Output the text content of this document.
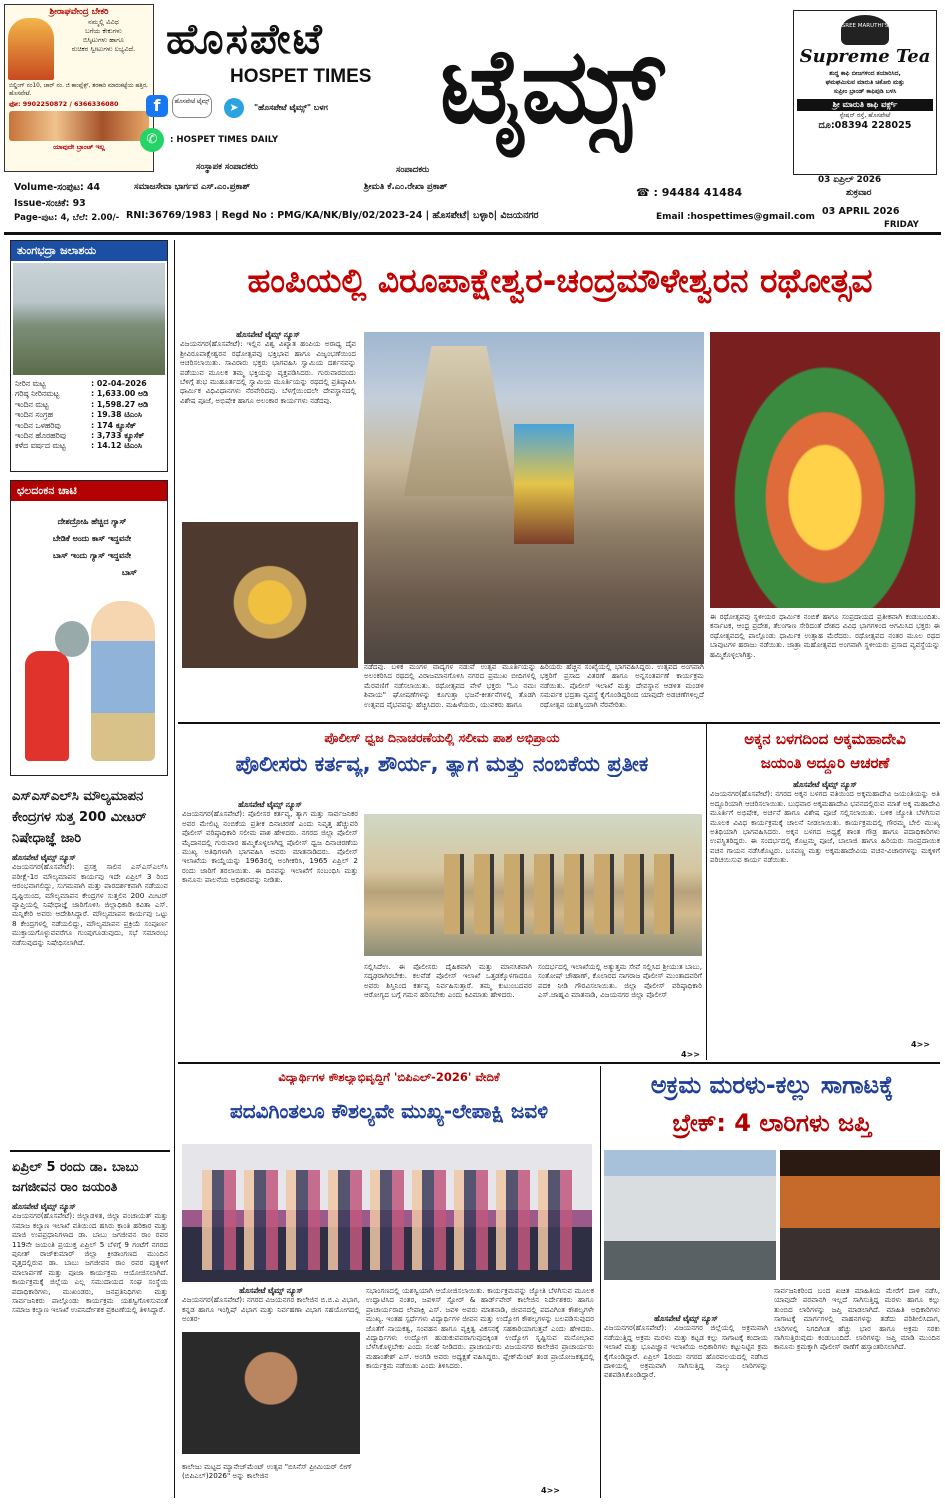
ಶ್ರೀರಾಘವೇಂದ್ರ ಬೇಕರಿ
ನಮ್ಮಲ್ಲಿ ವಿವಿಧ
ಬಗೆಯ ಕೇಕುಗಳು
ಬಿಸ್ಕಿಟುಗಳು ಹಾಗೂ
ರುಚಿಕರ ಸ್ವೀಟುಗಳು ಲಭ್ಯವಿದೆ.
ಬಿಲ್ಡಿಂಗ್ ನಂ10, ಚಾರ್ ನಂ. ಜಿ ಕಾಂಪ್ಲೆಕ್ಸ್, ತರಕಾರಿ ಮಾರುಕಟ್ಟೆಯ ಹತ್ತಿರ, ಹೊಸಪೇಟೆ.
ಫೋ: 9902250872 / 6366336080
ಯಾವುದೇ ಬ್ರಾಂಚ್ ಇಲ್ಲ
ಹೊಸಪೇಟೆ
HOSPET TIMES ಟೈಮ್ಸ್
f	ಹೊಸಪೇಟೆ ಟೈಮ್ಸ್	➤	"ಹೊಸಪೇಟೆ ಟೈಮ್ಸ್" ಬಳಗ
✆	: HOSPET TIMES DAILY
SREE MARUTHI'S
Supreme Tea
ಶುದ್ಧ ಕಾಫಿ ಬೀಜಗಳಿಂದ ತಯಾರಿಸಿದ,
ಘಮಘಮಿಸುವ ಮಾರುತಿ ಚಿಕೋರಿ ಮತ್ತು
ಸುಪ್ರೀಂ ಬ್ರಾಂಡ್ ಕಾಫಿಪುಡಿ ಬಳಸಿ
ಶ್ರೀ ಮಾರುತಿ ಕಾಫಿ ವರ್ಕ್ಸ್
ಸ್ಟೇಷನ್ ರಸ್ತೆ, ಹೊಸಪೇಟೆ
ದೂ:08394 228025
ಸಂಸ್ಥಾಪಕ ಸಂಪಾದಕರು	ಸಂಪಾದಕರು
Volume-ಸಂಪುಟ: 44	ಸಮಾಜಸೇವಾ ಭಾರ್ಗವ ಎಸ್.ಎಂ.ಪ್ರಕಾಶ್	ಶ್ರೀಮತಿ ಕೆ.ಎಂ.ರೇಖಾ ಪ್ರಕಾಶ್	☎ : 94484 41484
03 ಏಪ್ರಿಲ್ 2026
ಶುಕ್ರವಾರ
Issue-ಸಂಚಿಕೆ: 93
03 APRIL 2026
Page-ಪುಟ: 4, ಬೆಲೆ: 2.00/- RNI:36769/1983 | Regd No : PMG/KA/NK/Bly/02/2023-24 | ಹೊಸಪೇಟೆ| ಬಳ್ಳಾರಿ| ವಿಜಯನಗರ	Email :hospettimes@gmail.com
FRIDAY
ತುಂಗಭದ್ರಾ ಜಲಾಶಯ
ನೀರಿನ ಮಟ್ಟ	: 02-04-2026
ಗರಿಷ್ಠ ನೀರಿನಮಟ್ಟ	: 1,633.00 ಅಡಿ
ಇಂದಿನ ಮಟ್ಟ	: 1,598.27 ಅಡಿ
ಇಂದಿನ ಸಂಗ್ರಹ	: 19.38 ಟಿಎಂಸಿ
ಇಂದಿನ ಒಳಹರಿವು	: 174 ಕ್ಯೂಸೆಕ್
ಇಂದಿನ ಹೊರಹರಿವು	: 3,733 ಕ್ಯೂಸೆಕ್
ಕಳೆದ ವರ್ಷದ ಮಟ್ಟ	: 14.12 ಟಿಎಂಸಿ
ಛಲದಂಕನ ಚಾಟಿ
ದೇಶದ್ರೋಹಿ ಹೆಚ್ಚಿದ ಗ್ಯಾಸ್
ಬೇಡಿಕೆ ಅಂದು ಕಾಸ್ ಇದ್ದವನೇ
ಬಾಸ್ ಇಂದು ಗ್ಯಾಸ್ ಇದ್ದವನೇ
ಬಾಸ್
ಎಸ್ಎಸ್ಎಲ್‌ಸಿ ಮೌಲ್ಯಮಾಪನ ಕೇಂದ್ರಗಳ ಸುತ್ತ 200 ಮೀಟರ್ ನಿಷೇಧಾಜ್ಞೆ ಜಾರಿ
ಹೊಸಪೇಟೆ ಟೈಮ್ಸ್ ನ್ಯೂಸ್
ವಿಜಯನಗರ(ಹೊಸಪೇಟೆ): ಪ್ರಸಕ್ತ ಸಾಲಿನ ಎಸ್ಎಸ್ಎಲ್‌ಸಿ ಪರೀಕ್ಷೆ-1ರ ಮೌಲ್ಯಮಾಪನ ಕಾರ್ಯವು ಇದೇ ಏಪ್ರಿಲ್ 3 ರಿಂದ ಆರಂಭವಾಗಲಿದ್ದು, ಸುಗಮವಾಗಿ ಮತ್ತು ಪಾರದರ್ಶಕವಾಗಿ ನಡೆಯುವ ದೃಷ್ಟಿಯಿಂದ, ಮೌಲ್ಯಮಾಪನ ಕೇಂದ್ರಗಳ ಸುತ್ತಲಿನ 200 ಮೀಟರ್ ವ್ಯಾಪ್ತಿಯಲ್ಲಿ ನಿಷೇಧಾಜ್ಞೆ ಜಾರಿಗೊಳಿಸಿ ಜಿಲ್ಲಾಧಿಕಾರಿ ಕವಿತಾ ಎಸ್. ಮನ್ನಿಕೇರಿ ಅವರು ಆದೇಶಿಸಿದ್ದಾರೆ. ಮೌಲ್ಯಮಾಪನ ಕಾರ್ಯವು ಒಟ್ಟು 8 ಕೇಂದ್ರಗಳಲ್ಲಿ ನಡೆಯಲಿದ್ದು, ಮೌಲ್ಯಮಾಪನ ಪ್ರಕ್ರಿಯೆ ಸಂಪೂರ್ಣ ಮುಕ್ತಾಯಗೊಳ್ಳುವವರೆಗೂ ಗುಂಪುಗೂಡುವುದು, ಸಭೆ ಸಮಾರಂಭ ನಡೆಸುವುದನ್ನು ನಿಷೇಧಿಸಲಾಗಿದೆ.
ಏಪ್ರಿಲ್ 5 ರಂದು ಡಾ. ಬಾಬು ಜಗಜೀವನ ರಾಂ ಜಯಂತಿ
ಹೊಸಪೇಟೆ ಟೈಮ್ಸ್ ನ್ಯೂಸ್
ವಿಜಯನಗರ(ಹೊಸಪೇಟೆ): ಜಿಲ್ಲಾಡಳಿತ, ಜಿಲ್ಲಾ ಪಂಚಾಯತ್ ಮತ್ತು ಸಮಾಜ ಕಲ್ಯಾಣ ಇಲಾಖೆ ವತಿಯಿಂದ ಹಸಿರು ಕ್ರಾಂತಿ ಹರಿಕಾರ ಮತ್ತು ಮಾಜಿ ಉಪಪ್ರಧಾನಿಗಳಾದ ಡಾ. ಬಾಬು ಜಗಜೀವನ ರಾಂ ರವರ 119ನೇ ಜಯಂತಿ ಪ್ರಯುಕ್ತ ಏಪ್ರಿಲ್ 5 ಬೆಳಗ್ಗೆ 9 ಗಂಟೆಗೆ ನಗರದ ಪುನೀತ್ ರಾಜ್‌ಕುಮಾರ್ ಜಿಲ್ಲಾ ಕ್ರೀಡಾಂಗಣದ ಮುಂದಿನ ವೃತ್ತದಲ್ಲಿರುವ ಡಾ. ಬಾಬು ಜಗಜೀವನ ರಾಂ ರವರ ಪುತ್ಥಳಿಗೆ ಮಾಲಾರ್ಪಣೆ ಮತ್ತು ಪೂಜಾ ಕಾರ್ಯಕ್ರಮ ಆಯೋಜಿಸಲಾಗಿದೆ. ಕಾರ್ಯಕ್ರಮಕ್ಕೆ ಜಿಲ್ಲೆಯ ಎಲ್ಲ ಸಮುದಾಯದ ಸಂಘ ಸಂಸ್ಥೆಯ ಪದಾಧಿಕಾರಿಗಳು, ಮುಖಂಡರು, ಜನಪ್ರತಿನಿಧಿಗಳು ಮತ್ತು ಸಾರ್ವಜನಿಕರು ಪಾಲ್ಗೊಂಡು ಕಾರ್ಯಕ್ರಮ ಯಶಸ್ವಿಗೊಳಿಸುವಂತೆ ಸಮಾಜ ಕಲ್ಯಾಣ ಇಲಾಖೆ ಉಪನಿರ್ದೇಶಕ ಪ್ರಕಟಣೆಯಲ್ಲಿ ತಿಳಿಸಿದ್ದಾರೆ.
ಹಂಪಿಯಲ್ಲಿ ವಿರೂಪಾಕ್ಷೇಶ್ವರ-ಚಂದ್ರಮೌಳೇಶ್ವರನ ರಥೋತ್ಸವ
ಹೊಸಪೇಟೆ ಟೈಮ್ಸ್ ನ್ಯೂಸ್
ವಿಜಯನಗರ(ಹೊಸಪೇಟೆ): ಇಲ್ಲಿನ ವಿಶ್ವ ವಿಖ್ಯಾತ ಹಂಪಿಯ ಅರಾಧ್ಯ ದೈವ ಶ್ರೀವಿರೂಪಾಕ್ಷೇಶ್ವರನ ರಥೋತ್ಸವವು ಭಕ್ತಿಭಾವ ಹಾಗೂ ವಿಜೃಂಭಣೆಯಿಂದ ಆಚರಿಸಲಾಯಿತು. ಸಾವಿರಾರು ಭಕ್ತರು ಭಾಗವಹಿಸಿ ಸ್ವಾಮಿಯ ದರ್ಶನವನ್ನು ಪಡೆಯುವ ಮೂಲಕ ತಮ್ಮ ಭಕ್ತಿಯನ್ನು ವ್ಯಕ್ತಪಡಿಸಿದರು. ಗುರುವಾರದಂದು ಬೆಳಿಗ್ಗೆ ಶುಭ ಮುಹೂರ್ತದಲ್ಲಿ ಸ್ವಾಮಿಯ ಮೂರ್ತಿಯನ್ನು ರಥದಲ್ಲಿ ಪ್ರತಿಷ್ಠಾಪಿಸಿ ಧಾರ್ಮಿಕ ವಿಧಿವಿಧಾನಗಳು ನೆರವೇರಿದವು. ಬೆಳಗ್ಗೆಯಿಂದಲೇ ದೇವಸ್ಥಾನದಲ್ಲಿ ವಿಶೇಷ ಪೂಜೆ, ಅಭಿಷೇಕ ಹಾಗೂ ಅಲಂಕಾರ ಕಾರ್ಯಗಳು ನಡೆದವು.
ನಡೆದವು. ಬಳಿಕ ಮಂಗಳ ವಾದ್ಯಗಳ ನಡುವೆ ಉತ್ಸವ ಮೂರ್ತಿಯನ್ನು ಅಲಂಕರಿಸಿದ ರಥದಲ್ಲಿ ವಿರಾಜಮಾನಗೊಳಿಸಿ ನಗರದ ಪ್ರಮುಖ ಬೀದಿಗಳಲ್ಲಿ ಮೆರವಣಿಗೆ ನಡೆಸಲಾಯಿತು. ರಥೋತ್ಸವದ ವೇಳೆ ಭಕ್ತರು "ಓಂ ನಮಃ ಶಿವಾಯ" ಘೋಷಣೆಗಳನ್ನು ಕೂಗುತ್ತಾ ಭಜನೆ-ಕೀರ್ತನೆಗಳಲ್ಲಿ ತೊಡಗಿ ಉತ್ಸವದ ವೈಭವವನ್ನು ಹೆಚ್ಚಿಸಿದರು. ಮಹಿಳೆಯರು, ಯುವಕರು ಹಾಗೂ
ಹಿರಿಯರು ಹೆಚ್ಚಿನ ಸಂಖ್ಯೆಯಲ್ಲಿ ಭಾಗವಹಿಸಿದ್ದರು. ಉತ್ಸವದ ಅಂಗವಾಗಿ ಭಕ್ತರಿಗೆ ಪ್ರಸಾದ ವಿತರಣೆ ಹಾಗೂ ಅನ್ನಸಂತರ್ಪಣೆ ಕಾರ್ಯಕ್ರಮ ನಡೆಯಿತು. ಪೊಲೀಸ್ ಇಲಾಖೆ ಮತ್ತು ದೇವಸ್ಥಾನ ಆಡಳಿತ ಮಂಡಳಿ ಸಮರ್ಪಕ ಭದ್ರತಾ ವ್ಯವಸ್ಥೆ ಕೈಗೊಂಡಿದ್ದರಿಂದ ಯಾವುದೇ ಅಡಚಣೆಗಳಿಲ್ಲದೆ ರಥೋತ್ಸವ ಯಶಸ್ವಿಯಾಗಿ ನೆರವೇರಿತು.
ಈ ರಥೋತ್ಸವವು ಸ್ಥಳೀಯರ ಧಾರ್ಮಿಕ ನಂಬಿಕೆ ಹಾಗೂ ಸಂಪ್ರದಾಯದ ಪ್ರತೀಕವಾಗಿ ಕಂಡುಬಂದಿತು. ಕರ್ನಾಟಕ, ಆಂಧ್ರ ಪ್ರದೇಶ, ತೆಲಂಗಾಣ ಸೇರಿದಂತೆ ದೇಶದ ವಿವಿಧ ಭಾಗಗಳಿಂದ ಆಗಮಿಸಿದ ಭಕ್ತರು ಈ ರಥೋತ್ಸವದಲ್ಲಿ ಪಾಲ್ಗೊಂಡು ಧಾರ್ಮಿಕ ಉತ್ಸಾಹ ಮೆರೆದರು. ರಥೋತ್ಸವದ ನಂತರ ಮೂಲ ರಥದ ಬಾವುಟಗಳ ಹರಾಜು ನಡೆಯಿತು. ಜಾತ್ರಾ ಮಹೋತ್ಸವದ ಅಂಗವಾಗಿ ಸ್ಥಳೀಯರು ಪ್ರಸಾದ ವ್ಯವಸ್ಥೆಯನ್ನು ಹಮ್ಮಿಕೊಳ್ಳಲಾಗಿತ್ತು.
ಪೊಲೀಸ್ ಧ್ವಜ ದಿನಾಚರಣೆಯಲ್ಲಿ ಸಲೀಮ ಪಾಶ ಅಭಿಪ್ರಾಯ
ಪೊಲೀಸರು ಕರ್ತವ್ಯ, ಶೌರ್ಯ, ತ್ಯಾಗ ಮತ್ತು ನಂಬಿಕೆಯ ಪ್ರತೀಕ
ಹೊಸಪೇಟೆ ಟೈಮ್ಸ್ ನ್ಯೂಸ್
ವಿಜಯನಗರ(ಹೊಸಪೇಟೆ): ಪೊಲೀಸರ ಕರ್ತವ್ಯ, ತ್ಯಾಗ ಮತ್ತು ಸಾರ್ವಜನಿಕರ ಅವರ ಮೇಲಿಟ್ಟ ನಂಬಿಕೆಯ ಪ್ರತೀಕ ದಿನಾಚರಣೆ ಎಂದು ನಿವೃತ್ತ ಹೆಚ್ಚುವರಿ ಪೊಲೀಸ್ ವರಿಷ್ಠಾಧಿಕಾರಿ ಸಲೀಮ ಪಾಶ ಹೇಳಿದರು. ನಗರದ ಜಿಲ್ಲಾ ಪೊಲೀಸ್ ಮೈದಾನದಲ್ಲಿ ಗುರುವಾರ ಹಮ್ಮಿಕೊಳ್ಳಲಾಗಿದ್ದ ಪೊಲೀಸ್ ಧ್ವಜ ದಿನಾಚರಣೆಯ ಮುಖ್ಯ ಅತಿಥಿಗಳಾಗಿ ಭಾಗವಹಿಸಿ ಅವರು ಮಾತನಾಡಿದರು. ಪೊಲೀಸ್ ಇಲಾಖೆಯ ಕಾಯ್ದೆಯನ್ನು 1963ರಲ್ಲಿ ಅಂಗೀಕರಿಸಿ, 1965 ಏಪ್ರಿಲ್ 2 ರಂದು ಜಾರಿಗೆ ತರಲಾಯಿತು. ಈ ದಿನವನ್ನು ಇಲಾಖೆಗೆ ಸಂಬಂಧಿಸಿ ಮತ್ತು ಕಾನೂನು ಪಾಲನೆಯ ಅಧಿಕಾರವನ್ನು ನೀಡಿತು.
ಸಲ್ಲಿಸಿದೆಉ. ಈ ಪೊಲೀಸರು ದೈಹಿಕವಾಗಿ ಮತ್ತು ಮಾನಸಿಕವಾಗಿ ಸದೃಢರಾಗಿರಬೇಕು. ಕಲವೆಡೆ ಪೊಲೀಸ್ ಇಲಾಖೆ ಒತ್ತಡಕ್ಕೊಳಗಾದರೂ ಅವರು ಶಿಸ್ತಿನಿಂದ ಕರ್ತವ್ಯ ನಿರ್ವಹಿಸುತ್ತಾರೆ. ತಮ್ಮ ಕುಟುಂಬದವರ ಆರೋಗ್ಯದ ಬಗ್ಗೆ ಗಮನ ಹರಿಸಬೇಕು ಎಂದು ಕಿವಿಮಾತು ಹೇಳಿದರು.
ಸಂದರ್ಭದಲ್ಲಿ ಇಲಾಖೆಯಲ್ಲಿ ಅತ್ಯುತ್ತಮ ಸೇವೆ ಸಲ್ಲಿಸಿದ ಶ್ರೀಯುತ ಬಾಬು, ಸಂತೋಷ್ ಚೌಹಾಣ್, ಕೊಲಾರದ ನಾಗರಾಜ ಪೊಲೀಸ್ ಮುಂತಾದವರಿಗೆ ಪದಕ ನೀಡಿ ಗೌರವಿಸಲಾಯಿತು. ಜಿಲ್ಲಾ ಪೊಲೀಸ್ ವರಿಷ್ಠಾಧಿಕಾರಿ ಎಸ್.ಜಾಹ್ನವಿ ಮಾತನಾಡಿ, ವಿಜಯನಗರ ಜಿಲ್ಲಾ ಪೊಲೀಸ್
4>>
ಅಕ್ಕನ ಬಳಗದಿಂದ ಅಕ್ಕಮಹಾದೇವಿ
ಜಯಂತಿ ಅದ್ದೂರಿ ಆಚರಣೆ
ಹೊಸಪೇಟೆ ಟೈಮ್ಸ್ ನ್ಯೂಸ್
ವಿಜಯನಗರ(ಹೊಸಪೇಟೆ): ನಗರದ ಅಕ್ಕನ ಬಳಗದ ವತಿಯಿಂದ ಅಕ್ಕಮಹಾದೇವಿ ಜಯಂತಿಯನ್ನು ಅತಿ ಅದ್ದೂರಿಯಾಗಿ ಆಚರಿಸಲಾಯಿತು. ಬುಧವಾರ ಅಕ್ಕಮಹಾದೇವಿ ಭವನದಲ್ಲಿರುವ ಮಾತೆ ಅಕ್ಕ ಮಹಾದೇವಿ ಮೂರ್ತಿಗೆ ಅಭಿಷೇಕ, ಅರ್ಚನೆ ಹಾಗೂ ವಿಶೇಷ ಪೂಜೆ ಸಲ್ಲಿಸಲಾಯಿತು. ಬಳಿಕ ಜ್ಯೋತಿ ಬೆಳಗಿಸುವ ಮೂಲಕ ವಿವಿಧ ಕಾರ್ಯಕ್ರಮಕ್ಕೆ ಚಾಲನೆ ನೀಡಲಾಯಿತು. ಕಾರ್ಯಕ್ರಮದಲ್ಲಿ ಗೌರಮ್ಮ ಬೇಲಿ ಮುಖ್ಯ ಅತಿಥಿಯಾಗಿ ಭಾಗವಹಿಸಿದರು. ಅಕ್ಕನ ಬಳಗದ ಅಧ್ಯಕ್ಷೆ ಶಾಂತ ಗೌಡ್ರ ಹಾಗೂ ಪದಾಧಿಕಾರಿಗಳು ಉಪಸ್ಥಿತರಿದ್ದರು. ಈ ಸಂದರ್ಭದಲ್ಲಿ ಕೊಟ್ರಮ್ಮ ಪೂಜೆ, ಬಾಲಾಜಿ ಹಾಗೂ ಹಿರಿಯರು ಸಾಂಪ್ರದಾಯಿಕ ವಚನ ಗಾಯನ ನಡೆಸಿಕೊಟ್ಟರು. ಬಸವಣ್ಣ ಮತ್ತು ಅಕ್ಕಮಹಾದೇವಿಯ ವಚನ-ವಿಚಾರಗಳನ್ನು ಮಕ್ಕಳಿಗೆ ಪರಿಚಯಿಸುವ ಕಾರ್ಯ ನಡೆಯಿತು.
4>>
ವಿದ್ಯಾರ್ಥಿಗಳ ಕೌಶಲ್ಯಾಭಿವೃದ್ಧಿಗೆ 'ಬಿಪಿಎಲ್-2026' ವೇದಿಕೆ
ಪದವಿಗಿಂತಲೂ ಕೌಶಲ್ಯವೇ ಮುಖ್ಯ-ಲೇಪಾಕ್ಷಿ ಜವಳಿ
ಹೊಸಪೇಟೆ ಟೈಮ್ಸ್ ನ್ಯೂಸ್
ವಿಜಯನಗರ(ಹೊಸಪೇಟೆ): ನಗರದ ವಿಜಯನಗರ ಕಾಲೇಜಿನ ಬಿ.ಬಿ.ಎ ವಿಭಾಗ, ಕನ್ನಡ ಹಾಗೂ ಇಂಗ್ಲಿಷ್ ವಿಭಾಗ ಮತ್ತು ನಿರ್ವಹಣಾ ವಿಭಾಗ ಸಹಯೋಗದಲ್ಲಿ ಅಂತರ-
ಕಾಲೇಜು ಮಟ್ಟದ ಮ್ಯಾನೇಜ್‌ಮೆಂಟ್ ಉತ್ಸವ "ಬಿಸಿನೆಸ್ ಪ್ರೀಮಿಯರ್ ಲೀಗ್ (ಬಿಪಿಎಲ್)2026" ಅನ್ನು ಕಾಲೇಜಿನ
ಸಭಾಂಗಣದಲ್ಲಿ ಯಶಸ್ವಿಯಾಗಿ ಆಯೋಜಿಸಲಾಯಿತು. ಕಾರ್ಯಕ್ರಮವನ್ನು ಜ್ಯೋತಿ ಬೆಳಗಿಸುವ ಮೂಲಕ ಉದ್ಘಾಟಿಸಿದ ನಂತರ, ಜವಳಿಸ್ ಸ್ಟೋರ್ & ಹಾರ್ಡ್‌ವೇರ್ ಕಾಲೇಜಿನ ನಿರ್ದೇಶಕರು ಹಾಗೂ ಪ್ರಾಚಾರ್ಯರಾದ ಲೇಪಾಕ್ಷಿ ಎಸ್. ಜವಳಿ ಅವರು ಮಾತನಾಡಿ, ಜೀವನದಲ್ಲಿ ಪದವಿಗಿಂತ ಕೌಶಲ್ಯಗಳೇ ಮುಖ್ಯ. ಇಂತಹ ಸ್ಪರ್ಧೆಗಳು ವಿದ್ಯಾರ್ಥಿಗಳ ಜೀವನ ಮತ್ತು ಉದ್ಯೋಗ ಕೌಶಲ್ಯಗಳನ್ನು ಬಲಪಡಿಸುವುದರ ಜೊತೆಗೆ ನಾಯಕತ್ವ, ಸಂವಹನ ಹಾಗೂ ವ್ಯಕ್ತಿತ್ವ ವಿಕಸನಕ್ಕೆ ಸಹಕಾರಿಯಾಗುತ್ತವೆ ಎಂದು ಹೇಳಿದರು. ವಿದ್ಯಾರ್ಥಿಗಳು ಉದ್ಯೋಗ ಹುಡುಕುವವರಾಗುವುದಕ್ಕಿಂತ ಉದ್ಯೋಗ ಸೃಷ್ಟಿಸುವ ಮನೋಭಾವ ಬೆಳೆಸಿಕೊಳ್ಳಬೇಕು ಎಂದು ಸಲಹೆ ನೀಡಿದರು. ಪ್ರಾಚಾರ್ಯರು ವಿಜಯನಗರ ಕಾಲೇಜಿನ ಪ್ರಾಚಾರ್ಯರು ಮಹಾಂತೇಶ್ ಎಸ್. ಅಂಗಡಿ ಅವರು ಅಧ್ಯಕ್ಷತೆ ವಹಿಸಿದ್ದರು. ಫ್ಲೇಕ್‌ಮೆಂಟ್ ತಂಡ ಪ್ರಾಯೋಜಕತ್ವದಲ್ಲಿ ಕಾರ್ಯಕ್ರಮ ನಡೆಯಿತು ಎಂದು ತಿಳಿಸಿದರು.
4>>
ಅಕ್ರಮ ಮರಳು-ಕಲ್ಲು ಸಾಗಾಟಕ್ಕೆ
ಬ್ರೇಕ್: 4 ಲಾರಿಗಳು ಜಪ್ತಿ
ಹೊಸಪೇಟೆ ಟೈಮ್ಸ್ ನ್ಯೂಸ್
ವಿಜಯನಗರ(ಹೊಸಪೇಟೆ): ವಿಜಯನಗರ ಜಿಲ್ಲೆಯಲ್ಲಿ ಅಕ್ರಮವಾಗಿ ನಡೆಯುತ್ತಿದ್ದ ಅಕ್ರಮ ಮರಳು ಮತ್ತು ಕಟ್ಟಡ ಕಲ್ಲು ಸಾಗಾಟಕ್ಕೆ ಕಂದಾಯ ಇಲಾಖೆ ಮತ್ತು ಭೂವಿಜ್ಞಾನ ಇಲಾಖೆಯ ಅಧಿಕಾರಿಗಳು ಕಟ್ಟುನಿಟ್ಟಿನ ಕ್ರಮ ಕೈಗೊಂಡಿದ್ದಾರೆ. ಏಪ್ರಿಲ್ 1ರಂದು ನಗರದ ಹೊರವಲಯದಲ್ಲಿ ನಡೆಸಿದ ದಾಳಿಯಲ್ಲಿ ಅಕ್ರಮವಾಗಿ ಸಾಗಿಸುತ್ತಿದ್ದ ನಾಲ್ಕು ಲಾರಿಗಳನ್ನು ವಶಪಡಿಸಿಕೊಂಡಿದ್ದಾರೆ.
ಸಾರ್ವಜನಿಕರಿಂದ ಬಂದ ಖಚಿತ ಮಾಹಿತಿಯ ಮೇರೆಗೆ ದಾಳಿ ನಡೆಸಿ, ಯಾವುದೇ ಪರವಾನಗಿ ಇಲ್ಲದೆ ಸಾಗಿಸುತ್ತಿದ್ದ ಮರಳು ಹಾಗೂ ಕಲ್ಲು ತುಂಬಿದ ಲಾರಿಗಳನ್ನು ಜಪ್ತಿ ಮಾಡಲಾಗಿದೆ. ಮಾಹಿತಿ ಅಧಿಕಾರಿಗಳು ಸಾಗಾಟಕ್ಕೆ ಮಾರ್ಗಗಳಲ್ಲಿ ವಾಹನಗಳನ್ನು ತಡೆದು ಪರಿಶೀಲಿಸಿದಾಗ, ಲಾರಿಗಳಲ್ಲಿ ನಿಗದಿಗಿಂತ ಹೆಚ್ಚು ಭಾರ ಹಾಗೂ ಅಕ್ರಮ ಸರಕು ಸಾಗಿಸುತ್ತಿರುವುದು ಕಂಡುಬಂದಿದೆ. ಲಾರಿಗಳನ್ನು ಜಪ್ತಿ ಮಾಡಿ ಮುಂದಿನ ಕಾನೂನು ಕ್ರಮಕ್ಕಾಗಿ ಪೊಲೀಸ್ ಠಾಣೆಗೆ ಹಸ್ತಾಂತರಿಸಲಾಗಿದೆ.
